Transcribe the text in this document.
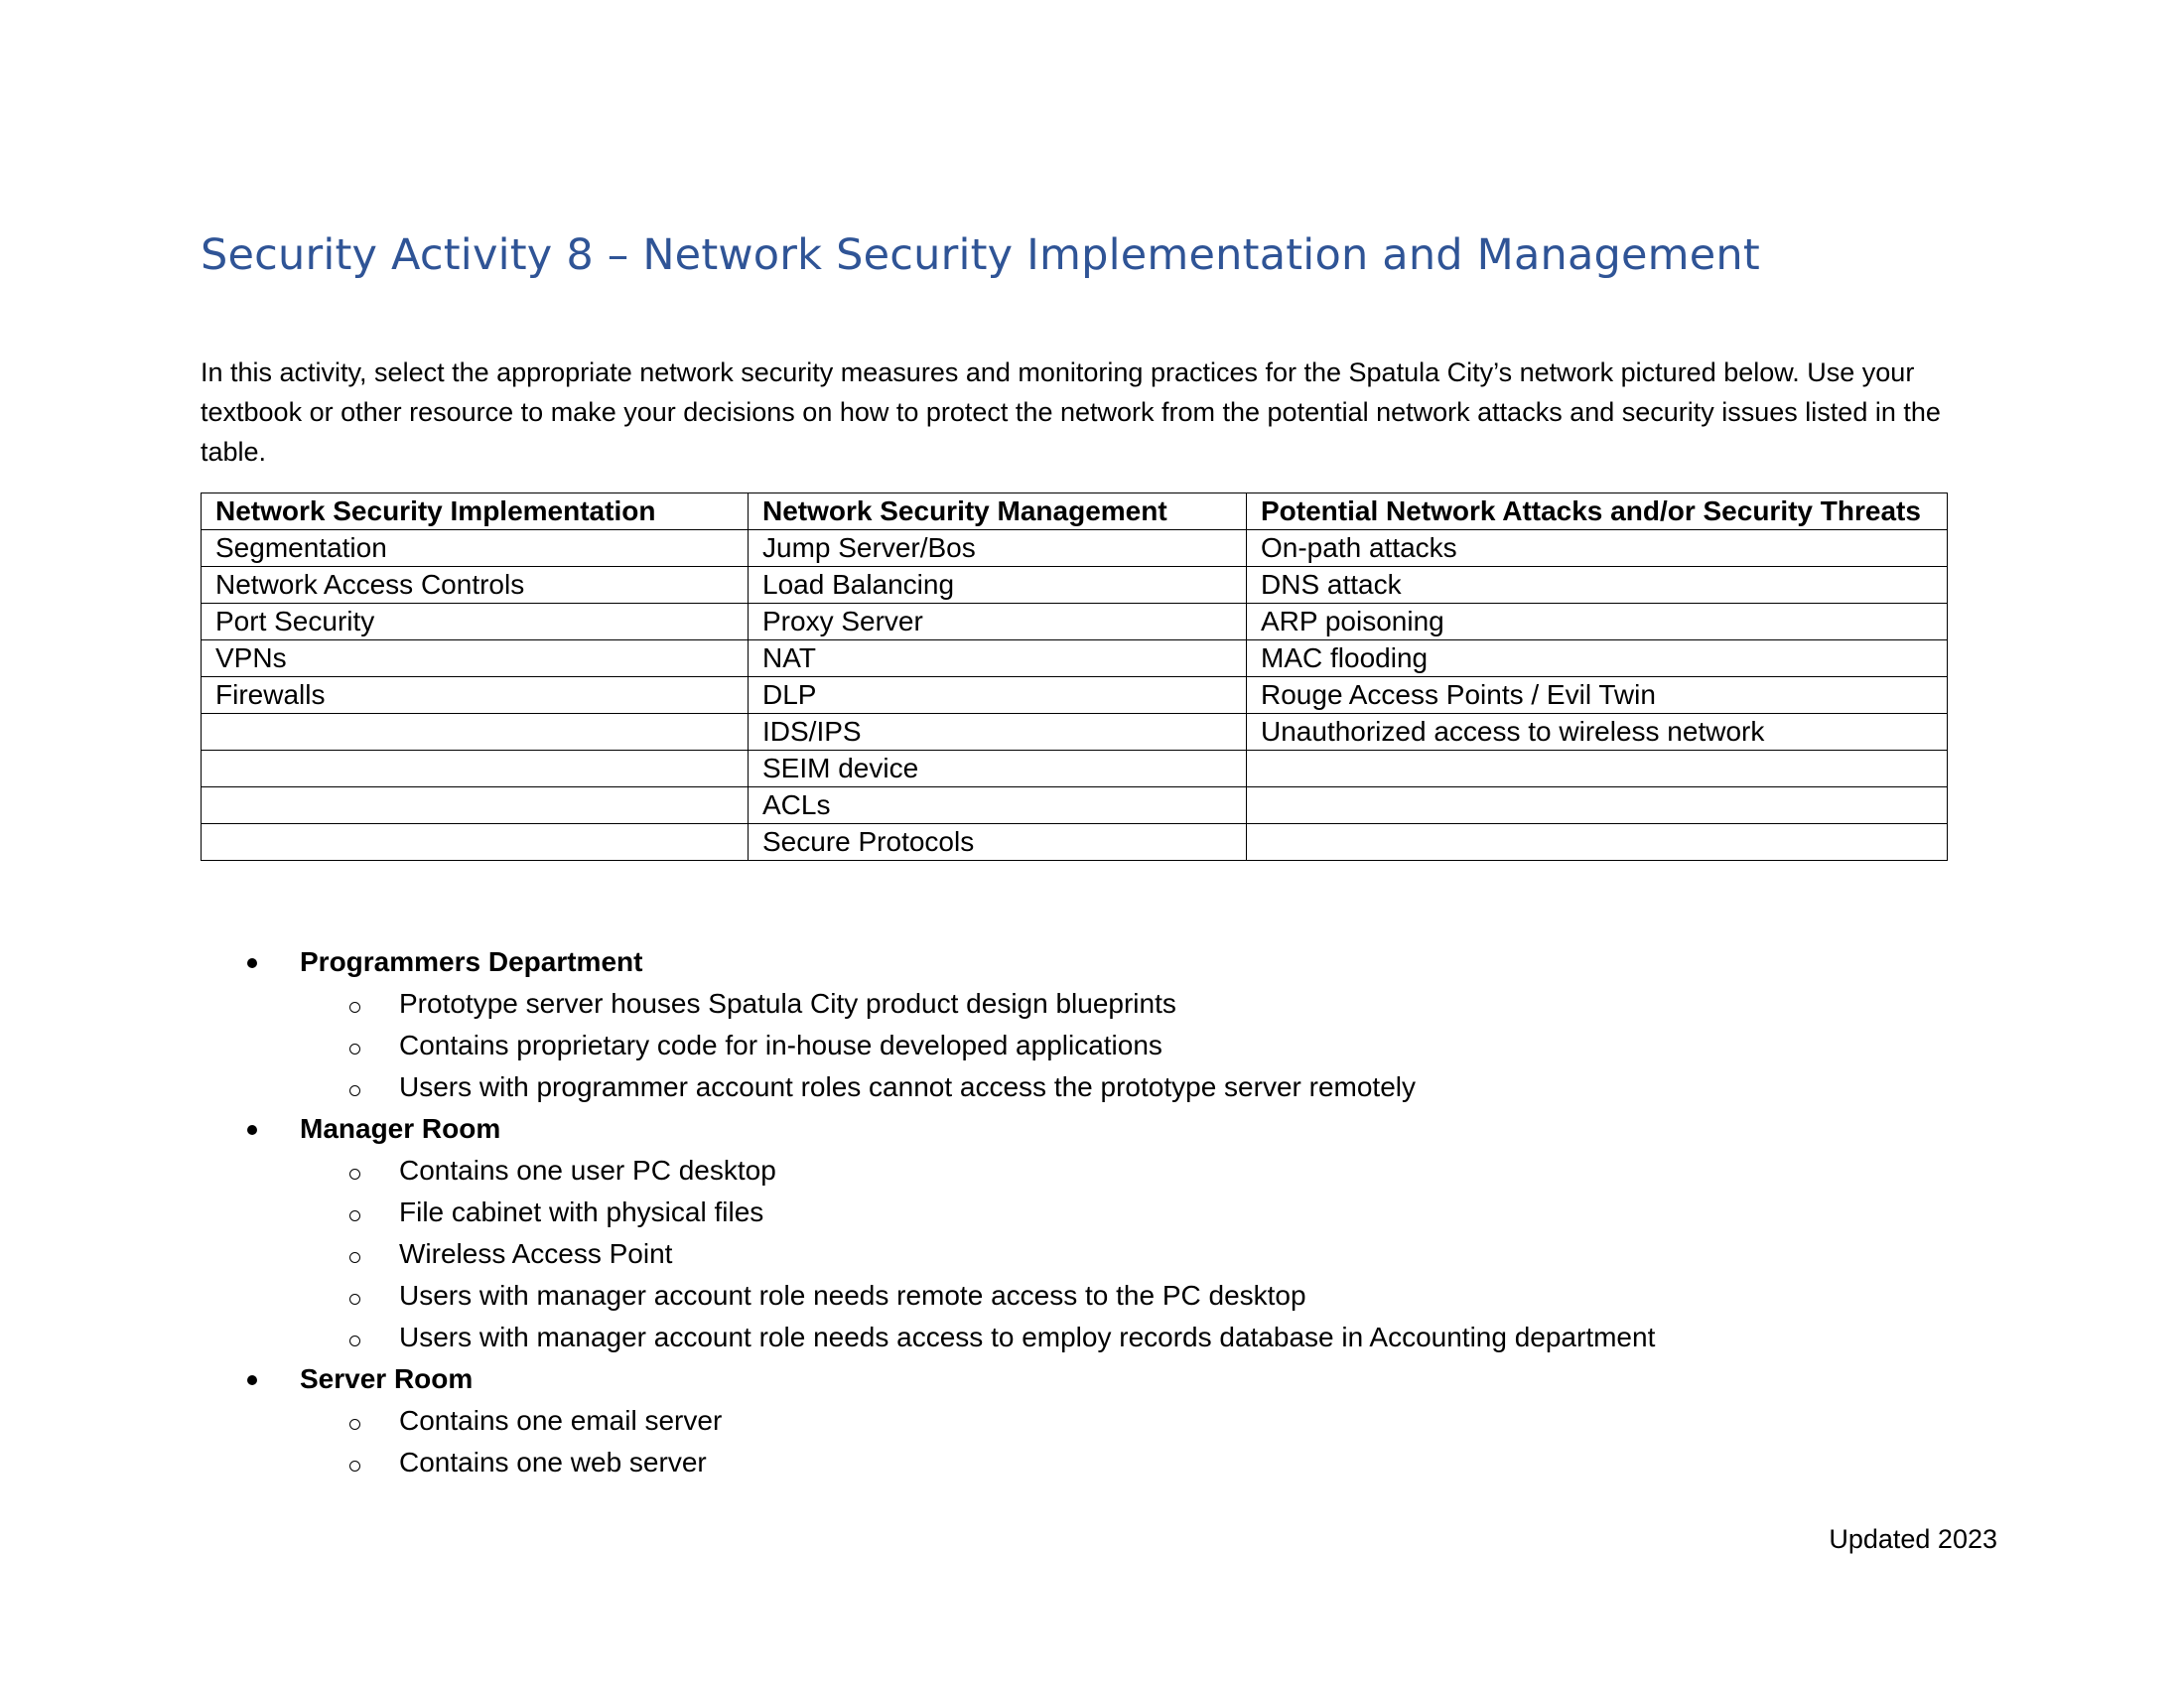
Security Activity 8 – Network Security Implementation and Management

In this activity, select the appropriate network security measures and monitoring practices for the Spatula City’s network pictured below. Use your textbook or other resource to make your decisions on how to protect the network from the potential network attacks and security issues listed in the table.

Network Security Implementation	Network Security Management	Potential Network Attacks and/or Security Threats
Segmentation	Jump Server/Bos	On-path attacks
Network Access Controls	Load Balancing	DNS attack
Port Security	Proxy Server	ARP poisoning
VPNs	NAT	MAC flooding
Firewalls	DLP	Rouge Access Points / Evil Twin
	IDS/IPS	Unauthorized access to wireless network
	SEIM device	
	ACLs	
	Secure Protocols	
Programmers Department
Prototype server houses Spatula City product design blueprints
Contains proprietary code for in-house developed applications
Users with programmer account roles cannot access the prototype server remotely
Manager Room
Contains one user PC desktop
File cabinet with physical files
Wireless Access Point
Users with manager account role needs remote access to the PC desktop
Users with manager account role needs access to employ records database in Accounting department
Server Room
Contains one email server
Contains one web server
Updated 2023
